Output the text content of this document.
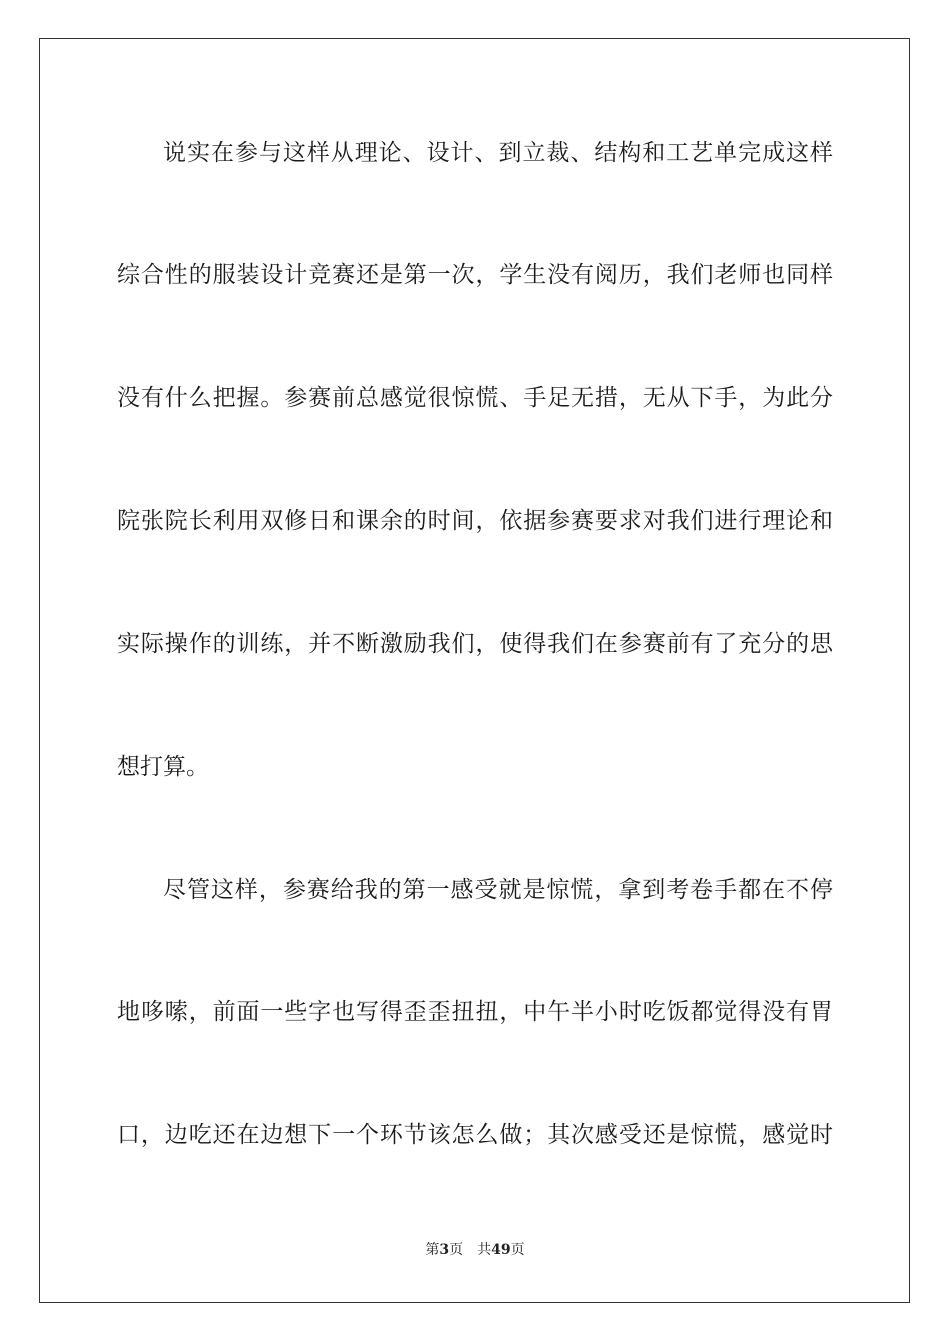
说实在参与这样从理论、设计、到立裁、结构和工艺单完成这样
综合性的服装设计竞赛还是第一次，学生没有阅历，我们老师也同样
没有什么把握。参赛前总感觉很惊慌、手足无措，无从下手，为此分
院张院长利用双修日和课余的时间，依据参赛要求对我们进行理论和
实际操作的训练，并不断激励我们，使得我们在参赛前有了充分的思
想打算。
尽管这样，参赛给我的第一感受就是惊慌，拿到考卷手都在不停
地哆嗦，前面一些字也写得歪歪扭扭，中午半小时吃饭都觉得没有胃
口，边吃还在边想下一个环节该怎么做；其次感受还是惊慌，感觉时
第3页 共49页
